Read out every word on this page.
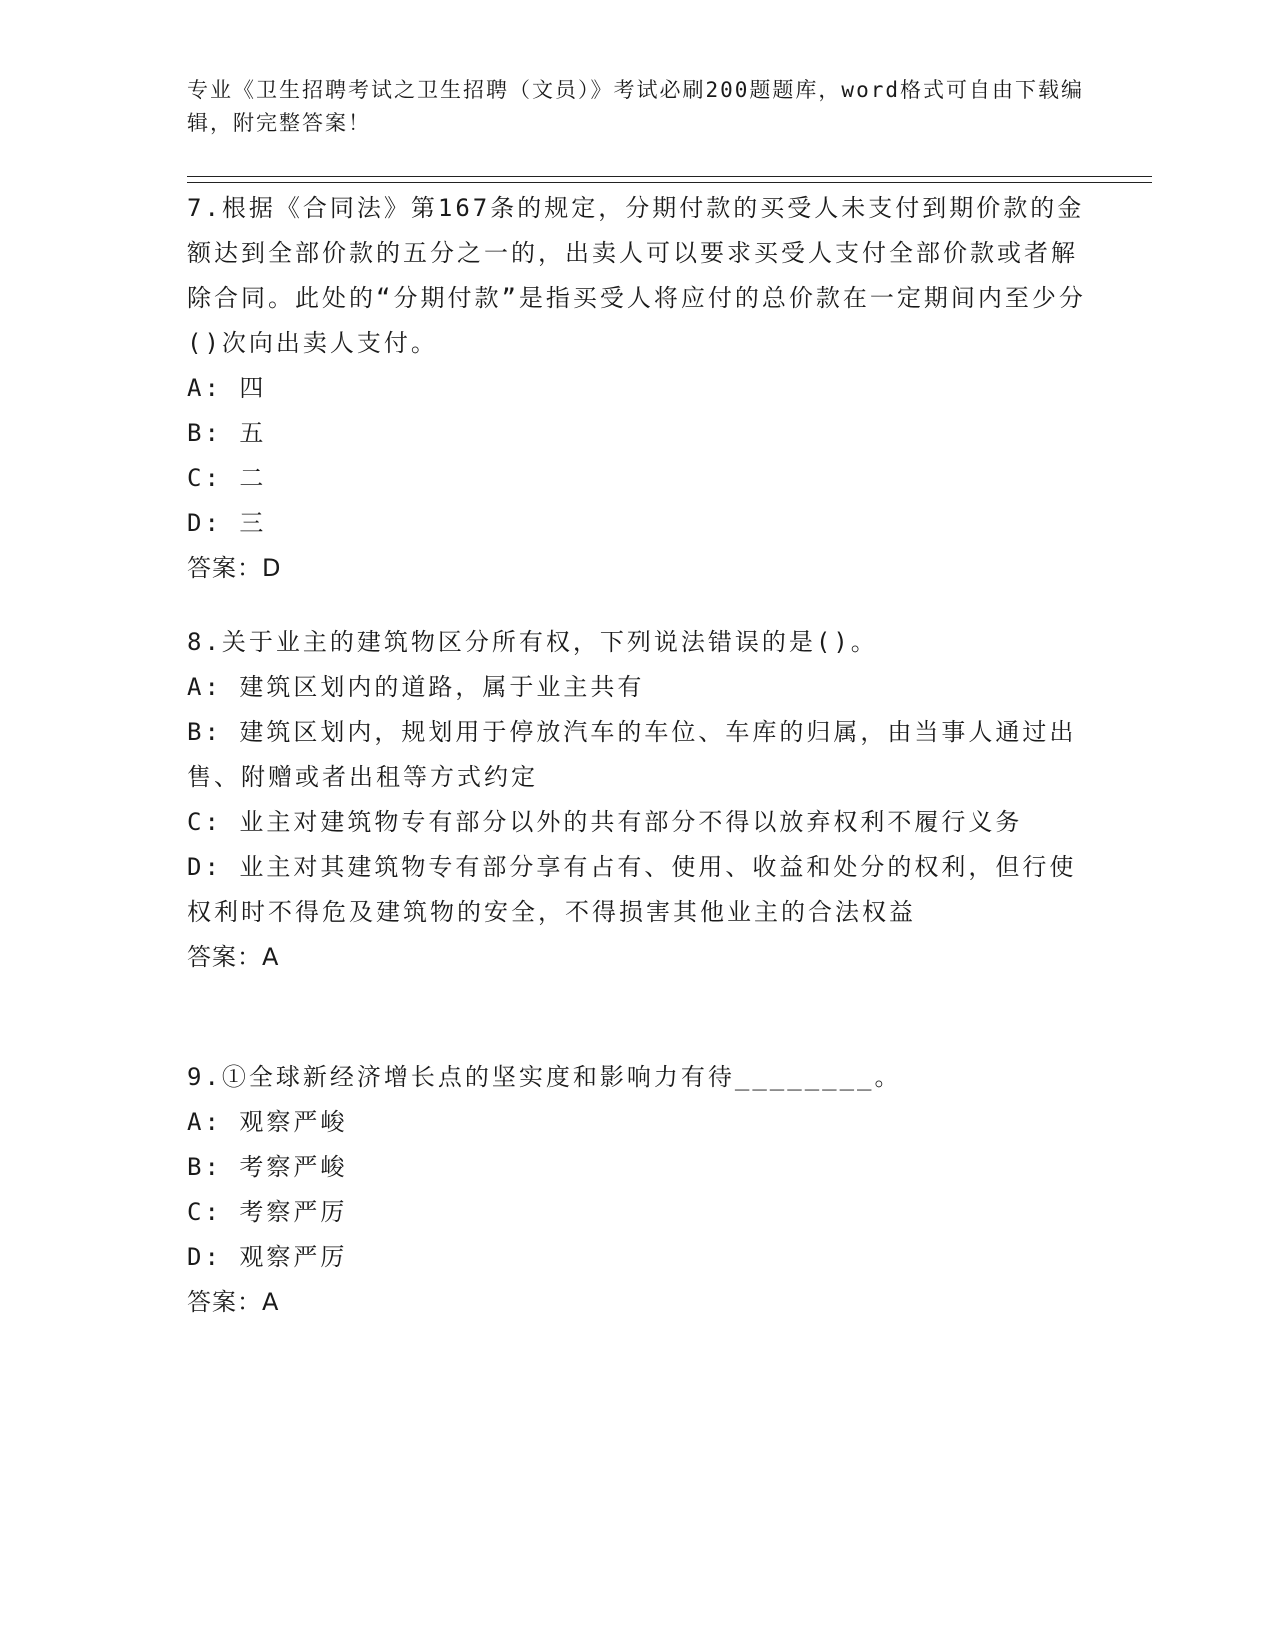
专业《卫生招聘考试之卫生招聘（文员）》考试必刷200题题库，word格式可自由下载编辑，附完整答案！

7.根据《合同法》第167条的规定，分期付款的买受人未支付到期价款的金额达到全部价款的五分之一的，出卖人可以要求买受人支付全部价款或者解除合同。此处的“分期付款”是指买受人将应付的总价款在一定期间内至少分()次向出卖人支付。

A: 四

B: 五

C: 二

D: 三

答案：D

8.关于业主的建筑物区分所有权，下列说法错误的是()。

A: 建筑区划内的道路，属于业主共有

B: 建筑区划内，规划用于停放汽车的车位、车库的归属，由当事人通过出售、附赠或者出租等方式约定

C: 业主对建筑物专有部分以外的共有部分不得以放弃权利不履行义务

D: 业主对其建筑物专有部分享有占有、使用、收益和处分的权利，但行使权利时不得危及建筑物的安全，不得损害其他业主的合法权益

答案：A

9.①全球新经济增长点的坚实度和影响力有待________。

A: 观察严峻

B: 考察严峻

C: 考察严厉

D: 观察严厉

答案：A
